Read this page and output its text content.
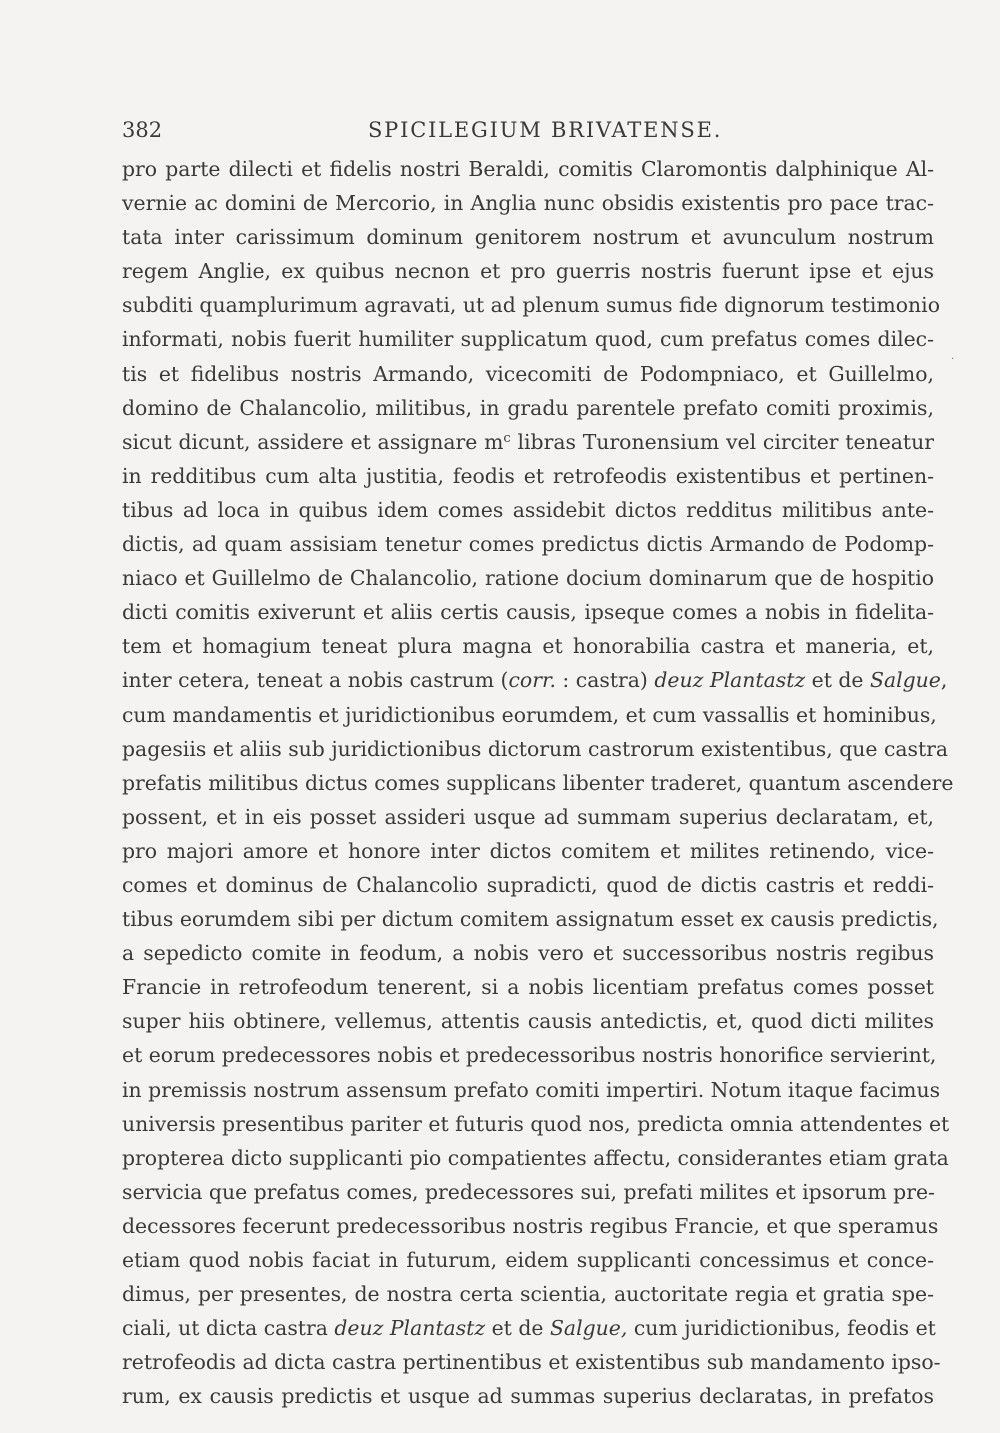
382	SPICILEGIUM BRIVATENSE.
pro parte dilecti et fidelis nostri Beraldi, comitis Claromontis dalphinique Al-
vernie ac domini de Mercorio, in Anglia nunc obsidis existentis pro pace trac-
tata inter carissimum dominum genitorem nostrum et avunculum nostrum
regem Anglie, ex quibus necnon et pro guerris nostris fuerunt ipse et ejus
subditi quamplurimum agravati, ut ad plenum sumus fide dignorum testimonio
informati, nobis fuerit humiliter supplicatum quod, cum prefatus comes dilec-
tis et fidelibus nostris Armando, vicecomiti de Podompniaco, et Guillelmo,
domino de Chalancolio, militibus, in gradu parentele prefato comiti proximis,
sicut dicunt, assidere et assignare $m^c$ libras Turonensium vel circiter teneatur
in redditibus cum alta justitia, feodis et retrofeodis existentibus et pertinen-
tibus ad loca in quibus idem comes assidebit dictos redditus militibus ante-
dictis, ad quam assisiam tenetur comes predictus dictis Armando de Podomp-
niaco et Guillelmo de Chalancolio, ratione docium dominarum que de hospitio
dicti comitis exiverunt et aliis certis causis, ipseque comes a nobis in fidelita-
tem et homagium teneat plura magna et honorabilia castra et maneria, et,
inter cetera, teneat a nobis castrum (corr. : castra) deuz Plantastz et de Salgue,
cum mandamentis et juridictionibus eorumdem, et cum vassallis et hominibus,
pagesiis et aliis sub juridictionibus dictorum castrorum existentibus, que castra
prefatis militibus dictus comes supplicans libenter traderet, quantum ascendere
possent, et in eis posset assideri usque ad summam superius declaratam, et,
pro majori amore et honore inter dictos comitem et milites retinendo, vice-
comes et dominus de Chalancolio supradicti, quod de dictis castris et reddi-
tibus eorumdem sibi per dictum comitem assignatum esset ex causis predictis,
a sepedicto comite in feodum, a nobis vero et successoribus nostris regibus
Francie in retrofeodum tenerent, si a nobis licentiam prefatus comes posset
super hiis obtinere, vellemus, attentis causis antedictis, et, quod dicti milites
et eorum predecessores nobis et predecessoribus nostris honorifice servierint,
in premissis nostrum assensum prefato comiti impertiri. Notum itaque facimus
universis presentibus pariter et futuris quod nos, predicta omnia attendentes et
propterea dicto supplicanti pio compatientes affectu, considerantes etiam grata
servicia que prefatus comes, predecessores sui, prefati milites et ipsorum pre-
decessores fecerunt predecessoribus nostris regibus Francie, et que speramus
etiam quod nobis faciat in futurum, eidem supplicanti concessimus et conce-
dimus, per presentes, de nostra certa scientia, auctoritate regia et gratia spe-
ciali, ut dicta castra deuz Plantastz et de Salgue, cum juridictionibus, feodis et
retrofeodis ad dicta castra pertinentibus et existentibus sub mandamento ipso-
rum, ex causis predictis et usque ad summas superius declaratas, in prefatos
·
